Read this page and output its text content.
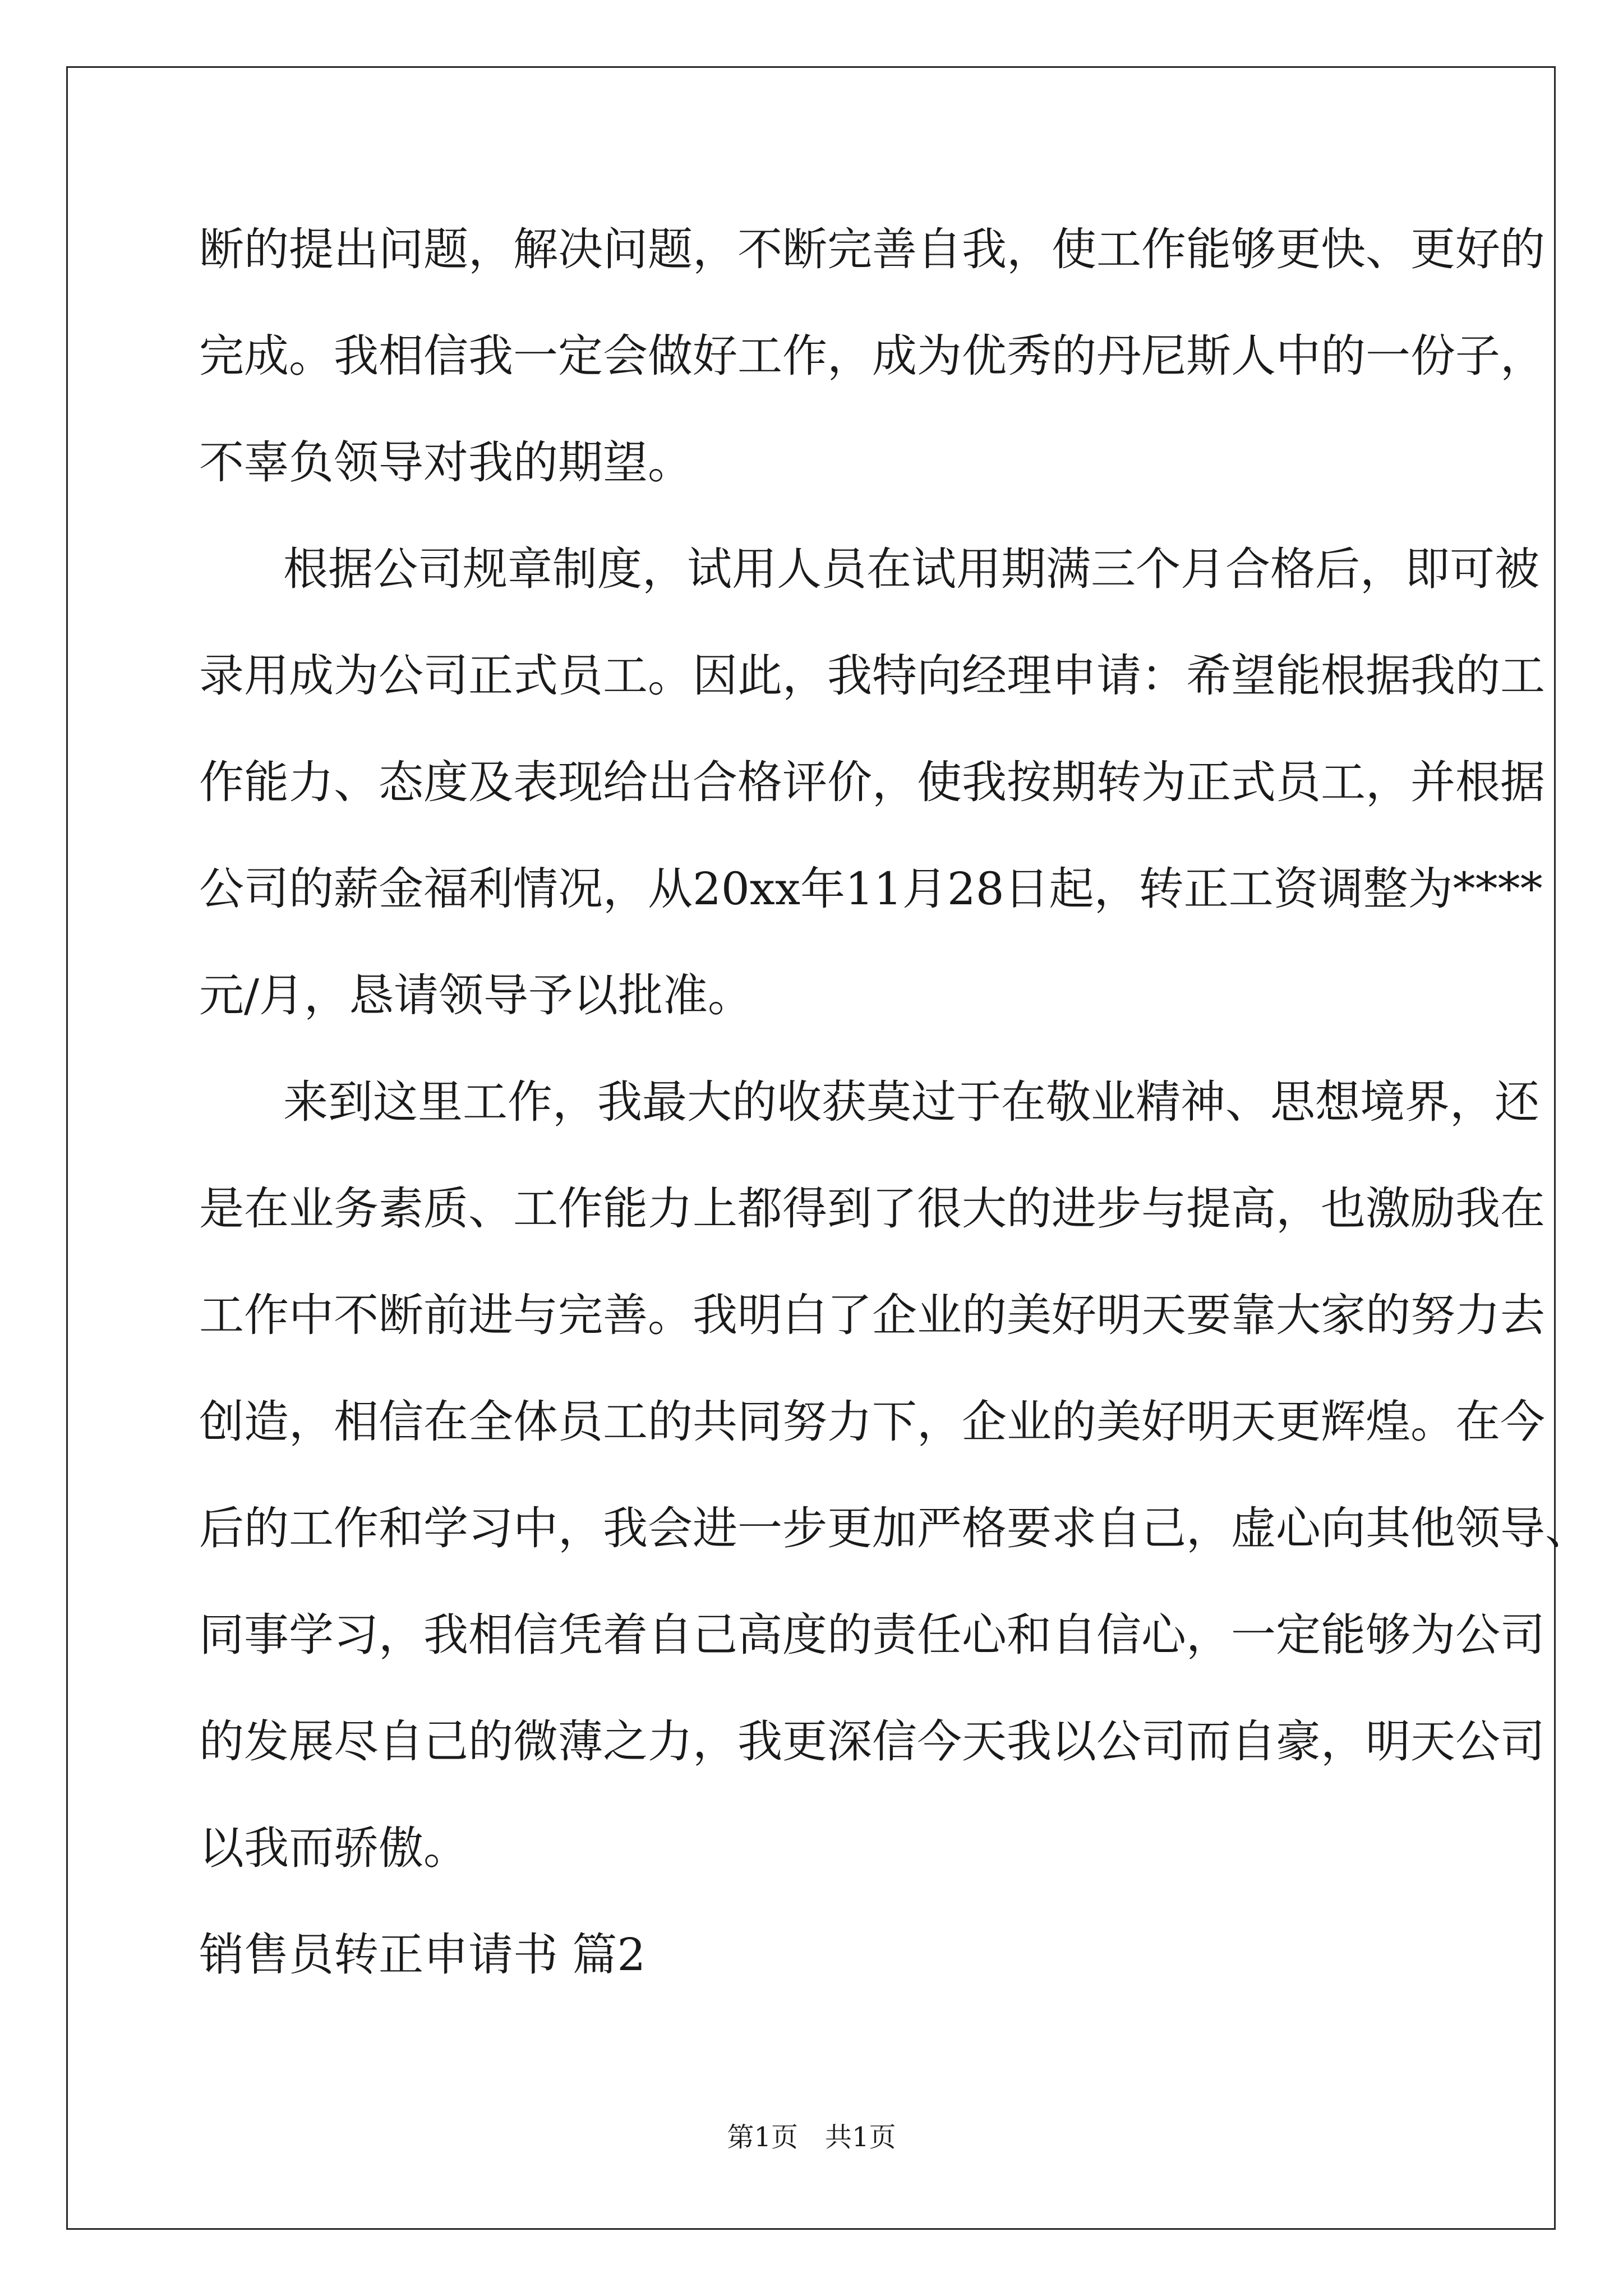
断的提出问题，解决问题，不断完善自我，使工作能够更快、更好的
完成。我相信我一定会做好工作，成为优秀的丹尼斯人中的一份子，
不辜负领导对我的期望。
根据公司规章制度，试用人员在试用期满三个月合格后，即可被
录用成为公司正式员工。因此，我特向经理申请：希望能根据我的工
作能力、态度及表现给出合格评价，使我按期转为正式员工，并根据
公司的薪金福利情况，从20xx年11月28日起，转正工资调整为****
元/月，恳请领导予以批准。
来到这里工作，我最大的收获莫过于在敬业精神、思想境界，还
是在业务素质、工作能力上都得到了很大的进步与提高，也激励我在
工作中不断前进与完善。我明白了企业的美好明天要靠大家的努力去
创造，相信在全体员工的共同努力下，企业的美好明天更辉煌。在今
后的工作和学习中，我会进一步更加严格要求自己，虚心向其他领导、
同事学习，我相信凭着自己高度的责任心和自信心，一定能够为公司
的发展尽自己的微薄之力，我更深信今天我以公司而自豪，明天公司
以我而骄傲。
销售员转正申请书 篇2
第1页　共1页
